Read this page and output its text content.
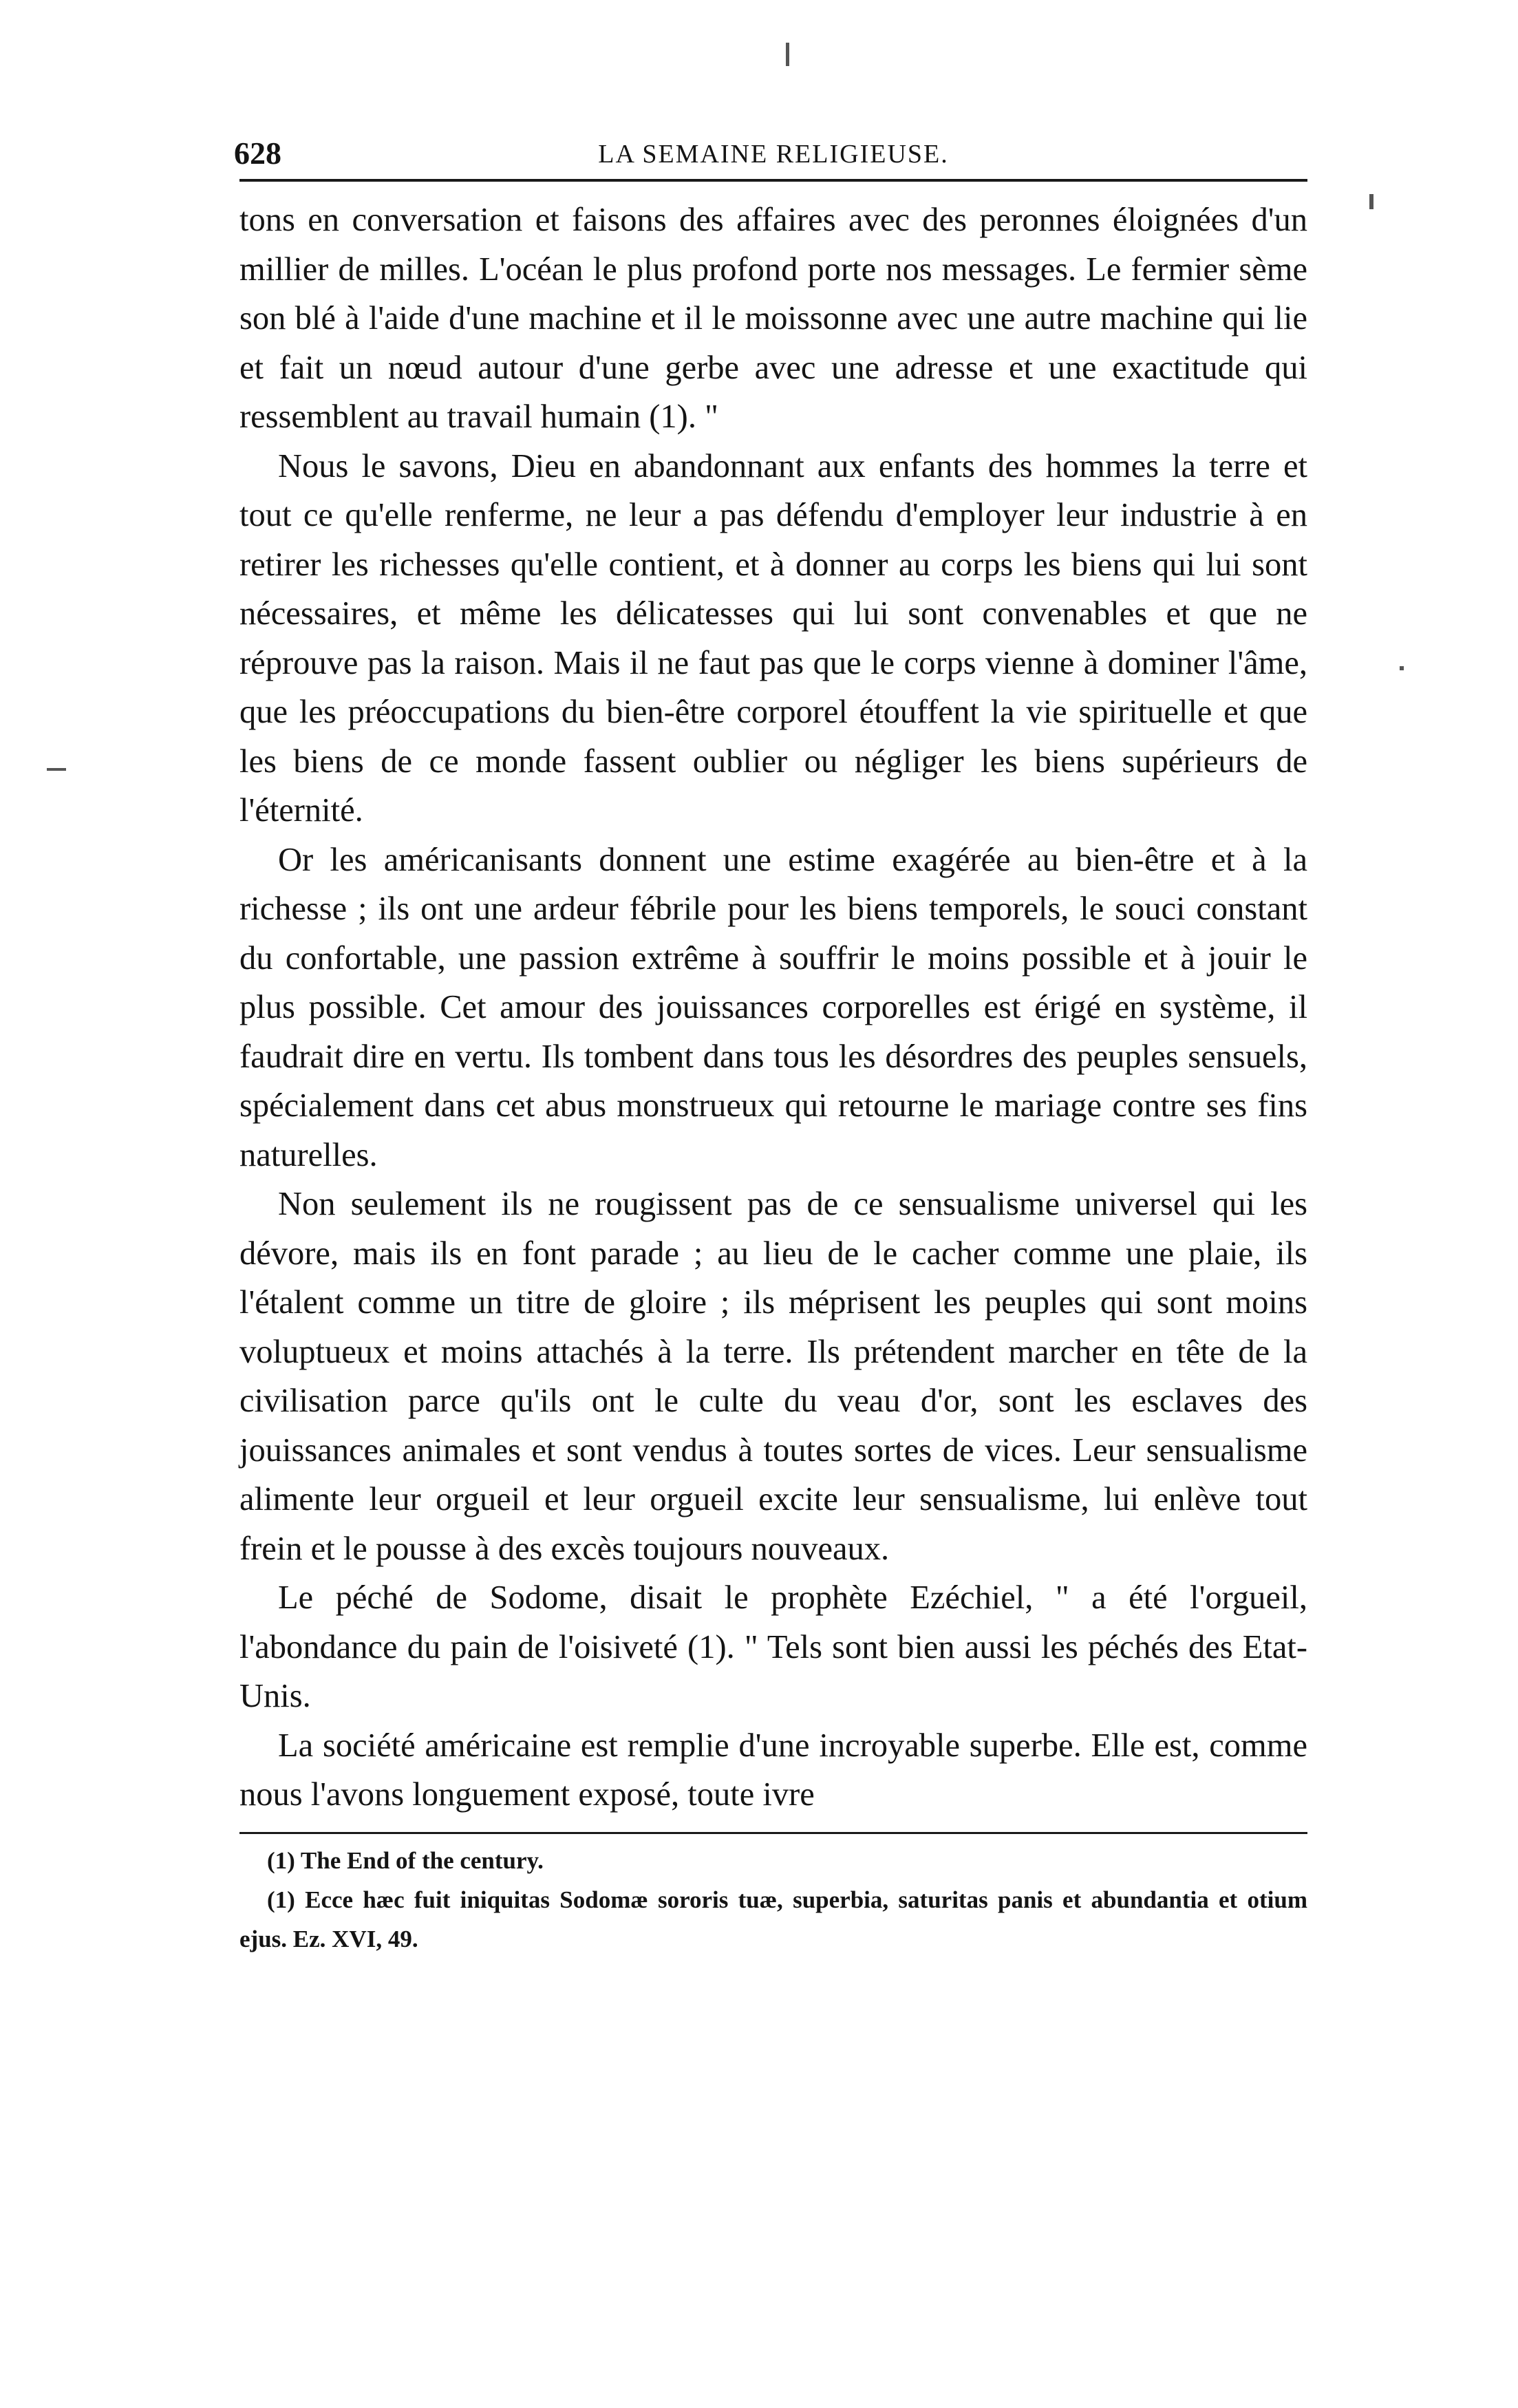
628	LA SEMAINE RELIGIEUSE.

tons en conversation et faisons des affaires avec des peronnes éloignées d'un millier de milles. L'océan le plus profond porte nos messages. Le fermier sème son blé à l'aide d'une machine et il le moissonne avec une autre machine qui lie et fait un nœud autour d'une gerbe avec une adresse et une exactitude qui ressemblent au travail humain (1). "

Nous le savons, Dieu en abandonnant aux enfants des hommes la terre et tout ce qu'elle renferme, ne leur a pas défendu d'employer leur industrie à en retirer les richesses qu'elle contient, et à donner au corps les biens qui lui sont nécessaires, et même les délicatesses qui lui sont convenables et que ne réprouve pas la raison. Mais il ne faut pas que le corps vienne à dominer l'âme, que les préoccupations du bien-être corporel étouffent la vie spirituelle et que les biens de ce monde fassent oublier ou négliger les biens supérieurs de l'éternité.

Or les américanisants donnent une estime exagérée au bien-être et à la richesse ; ils ont une ardeur fébrile pour les biens temporels, le souci constant du confortable, une passion extrême à souffrir le moins possible et à jouir le plus possible. Cet amour des jouissances corporelles est érigé en système, il faudrait dire en vertu. Ils tombent dans tous les désordres des peuples sensuels, spécialement dans cet abus monstrueux qui retourne le mariage contre ses fins naturelles.

Non seulement ils ne rougissent pas de ce sensualisme universel qui les dévore, mais ils en font parade ; au lieu de le cacher comme une plaie, ils l'étalent comme un titre de gloire ; ils méprisent les peuples qui sont moins voluptueux et moins attachés à la terre. Ils prétendent marcher en tête de la civilisation parce qu'ils ont le culte du veau d'or, sont les esclaves des jouissances animales et sont vendus à toutes sortes de vices. Leur sensualisme alimente leur orgueil et leur orgueil excite leur sensualisme, lui enlève tout frein et le pousse à des excès toujours nouveaux.

Le péché de Sodome, disait le prophète Ezéchiel, " a été l'orgueil, l'abondance du pain de l'oisiveté (1). " Tels sont bien aussi les péchés des Etat-Unis.

La société américaine est remplie d'une incroyable superbe. Elle est, comme nous l'avons longuement exposé, toute ivre

(1) The End of the century.

(1) Ecce hæc fuit iniquitas Sodomæ sororis tuæ, superbia, saturitas panis et abundantia et otium ejus. Ez. XVI, 49.
